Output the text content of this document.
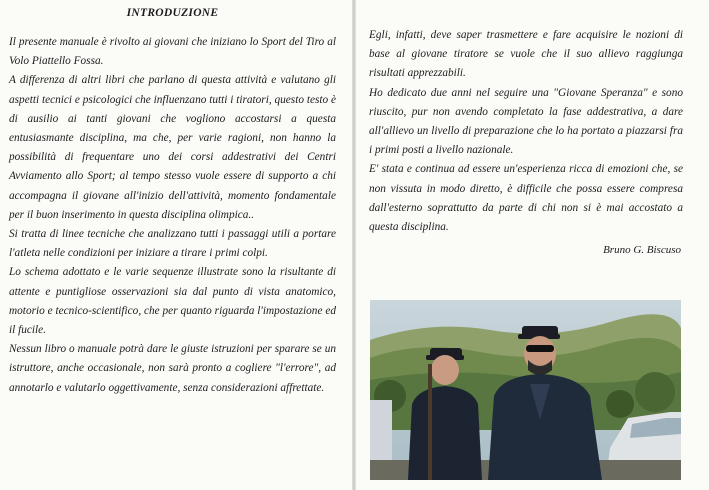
INTRODUZIONE

Il presente manuale è rivolto ai giovani che iniziano lo Sport del Tiro al Volo Piattello Fossa.

A differenza di altri libri che parlano di questa attività e valutano gli aspetti tecnici e psicologici che influenzano tutti i tiratori, questo testo è di ausilio ai tanti giovani che vogliono accostarsi a questa entusiasmante disciplina, ma che, per varie ragioni, non hanno la possibilità di frequentare uno dei corsi addestrativi dei Centri Avviamento allo Sport; al tempo stesso vuole essere di supporto a chi accompagna il giovane all'inizio dell'attività, momento fondamentale per il buon inserimento in questa disciplina olimpica..

Si tratta di linee tecniche che analizzano tutti i passaggi utili a portare l'atleta nelle condizioni per iniziare a tirare i primi colpi.

Lo schema adottato e le varie sequenze illustrate sono la risultante di attente e puntigliose osservazioni sia dal punto di vista anatomico, motorio e tecnico-scientifico, che per quanto riguarda l'impostazione ed il fucile.

Nessun libro o manuale potrà dare le giuste istruzioni per sparare se un istruttore, anche occasionale, non sarà pronto a cogliere "l'errore", ad annotarlo e valutarlo oggettivamente, senza considerazioni affrettate.

Egli, infatti, deve saper trasmettere e fare acquisire le nozioni di base al giovane tiratore se vuole che il suo allievo raggiunga risultati apprezzabili.

Ho dedicato due anni nel seguire una "Giovane Speranza" e sono riuscito, pur non avendo completato la fase addestrativa, a dare all'allievo un livello di preparazione che lo ha portato a piazzarsi fra i primi posti a livello nazionale.

E' stata e continua ad essere un'esperienza ricca di emozioni che, se non vissuta in modo diretto, è difficile che possa essere compresa dall'esterno soprattutto da parte di chi non si è mai accostato a questa disciplina.

Bruno G. Biscuso
